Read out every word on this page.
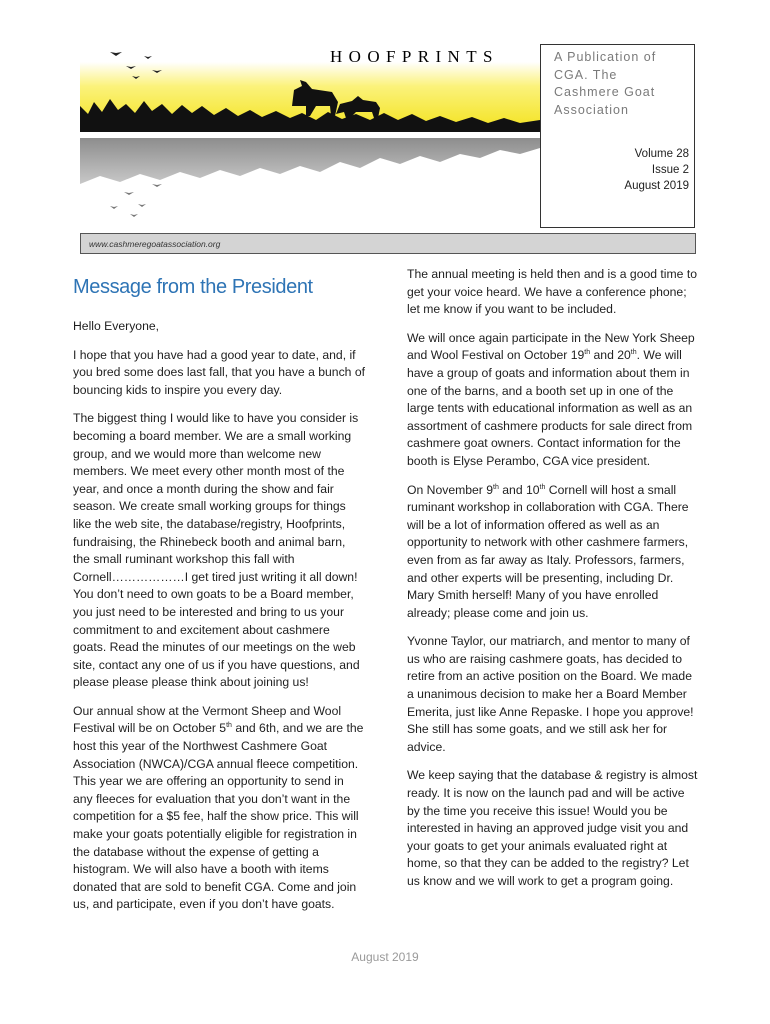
HOOFPRINTS	A Publication of CGA. The Cashmere Goat Association
Volume 28
Issue 2
August 2019
www.cashmeregoatassociation.org
Message from the President

Hello Everyone,

I hope that you have had a good year to date, and, if you bred some does last fall, that you have a bunch of bouncing kids to inspire you every day.

The biggest thing I would like to have you consider is becoming a board member. We are a small working group, and we would more than welcome new members. We meet every other month most of the year, and once a month during the show and fair season. We create small working groups for things like the web site, the database/registry, Hoofprints, fundraising, the Rhinebeck booth and animal barn, the small ruminant workshop this fall with Cornell………………I get tired just writing it all down! You don’t need to own goats to be a Board member, you just need to be interested and bring to us your commitment to and excitement about cashmere goats. Read the minutes of our meetings on the web site, contact any one of us if you have questions, and please please please think about joining us!

Our annual show at the Vermont Sheep and Wool Festival will be on October 5th and 6th, and we are the host this year of the Northwest Cashmere Goat Association (NWCA)/CGA annual fleece competition. This year we are offering an opportunity to send in any fleeces for evaluation that you don’t want in the competition for a $5 fee, half the show price. This will make your goats potentially eligible for registration in the database without the expense of getting a histogram. We will also have a booth with items donated that are sold to benefit CGA. Come and join us, and participate, even if you don’t have goats.

The annual meeting is held then and is a good time to get your voice heard. We have a conference phone; let me know if you want to be included.

We will once again participate in the New York Sheep and Wool Festival on October 19th and 20th. We will have a group of goats and information about them in one of the barns, and a booth set up in one of the large tents with educational information as well as an assortment of cashmere products for sale direct from cashmere goat owners. Contact information for the booth is Elyse Perambo, CGA vice president.

On November 9th and 10th Cornell will host a small ruminant workshop in collaboration with CGA. There will be a lot of information offered as well as an opportunity to network with other cashmere farmers, even from as far away as Italy. Professors, farmers, and other experts will be presenting, including Dr. Mary Smith herself! Many of you have enrolled already; please come and join us.

Yvonne Taylor, our matriarch, and mentor to many of us who are raising cashmere goats, has decided to retire from an active position on the Board. We made a unanimous decision to make her a Board Member Emerita, just like Anne Repaske. I hope you approve! She still has some goats, and we still ask her for advice.

We keep saying that the database & registry is almost ready. It is now on the launch pad and will be active by the time you receive this issue! Would you be interested in having an approved judge visit you and your goats to get your animals evaluated right at home, so that they can be added to the registry? Let us know and we will work to get a program going.

August 2019
